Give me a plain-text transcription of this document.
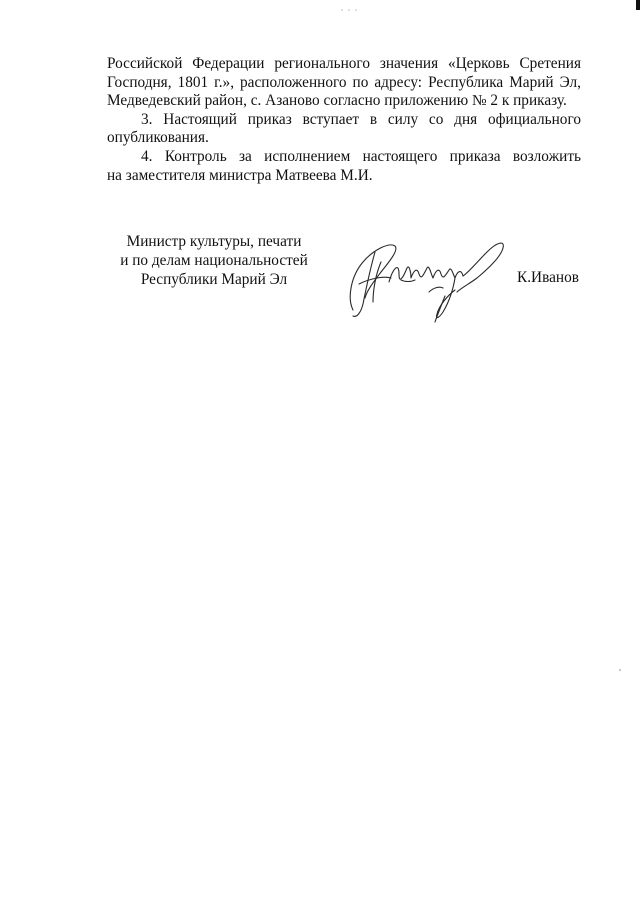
Российской Федерации регионального значения «Церковь Сретения

Господня, 1801 г.», расположенного по адресу: Республика Марий Эл,

Медведевский район, с. Азаново согласно приложению № 2 к приказу.

3. Настоящий приказ вступает в силу со дня официального

опубликования.

4. Контроль за исполнением настоящего приказа возложить

на заместителя министра Матвеева М.И.

Министр культуры, печати
и по делам национальностей
Республики Марий Эл	К.Иванов
